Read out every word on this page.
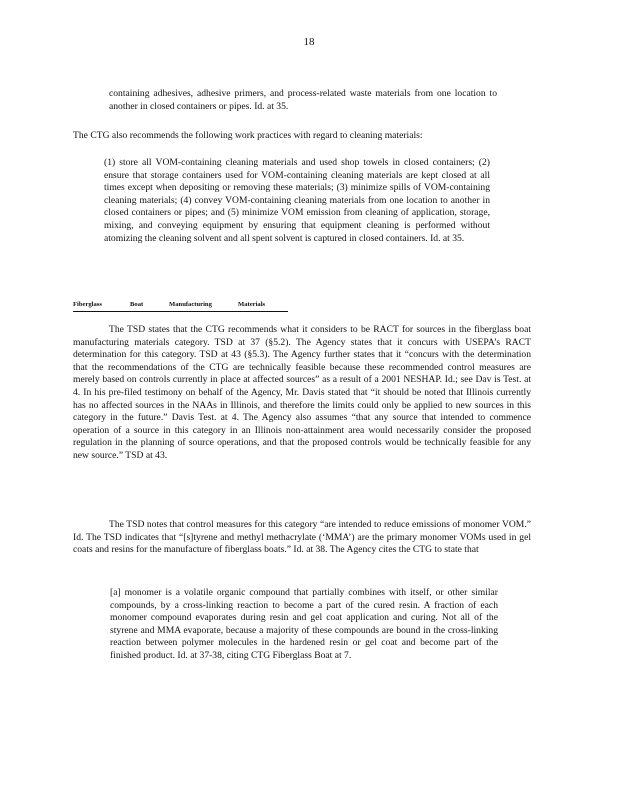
18

containing adhesives, adhesive primers, and process-related waste materials from one location to another in closed containers or pipes. Id. at 35.

The CTG also recommends the following work practices with regard to cleaning materials:

(1) store all VOM-containing cleaning materials and used shop towels in closed containers; (2) ensure that storage containers used for VOM-containing cleaning materials are kept closed at all times except when depositing or removing these materials; (3) minimize spills of VOM-containing cleaning materials; (4) convey VOM-containing cleaning materials from one location to another in closed containers or pipes; and (5) minimize VOM emission from cleaning of application, storage, mixing, and conveying equipment by ensuring that equipment cleaning is performed without atomizing the cleaning solvent and all spent solvent is captured in closed containers. Id. at 35.

Fiberglass	Boat	Manufacturing	Materials

The TSD states that the CTG recommends what it considers to be RACT for sources in the fiberglass boat manufacturing materials category. TSD at 37 (§5.2). The Agency states that it concurs with USEPA’s RACT determination for this category. TSD at 43 (§5.3). The Agency further states that it “concurs with the determination that the recommendations of the CTG are technically feasible because these recommended control measures are merely based on controls currently in place at affected sources” as a result of a 2001 NESHAP. Id.; see Dav is Test. at 4. In his pre-filed testimony on behalf of the Agency, Mr. Davis stated that “it should be noted that Illinois currently has no affected sources in the NAAs in Illinois, and therefore the limits could only be applied to new sources in this category in the future.” Davis Test. at 4. The Agency also assumes “that any source that intended to commence operation of a source in this category in an Illinois non-attainment area would necessarily consider the proposed regulation in the planning of source operations, and that the proposed controls would be technically feasible for any new source.” TSD at 43.

The TSD notes that control measures for this category “are intended to reduce emissions of monomer VOM.” Id. The TSD indicates that “[s]tyrene and methyl methacrylate (‘MMA’) are the primary monomer VOMs used in gel coats and resins for the manufacture of fiberglass boats.” Id. at 38. The Agency cites the CTG to state that

[a] monomer is a volatile organic compound that partially combines with itself, or other similar compounds, by a cross-linking reaction to become a part of the cured resin. A fraction of each monomer compound evaporates during resin and gel coat application and curing. Not all of the styrene and MMA evaporate, because a majority of these compounds are bound in the cross-linking reaction between polymer molecules in the hardened resin or gel coat and become part of the finished product. Id. at 37-38, citing CTG Fiberglass Boat at 7.
